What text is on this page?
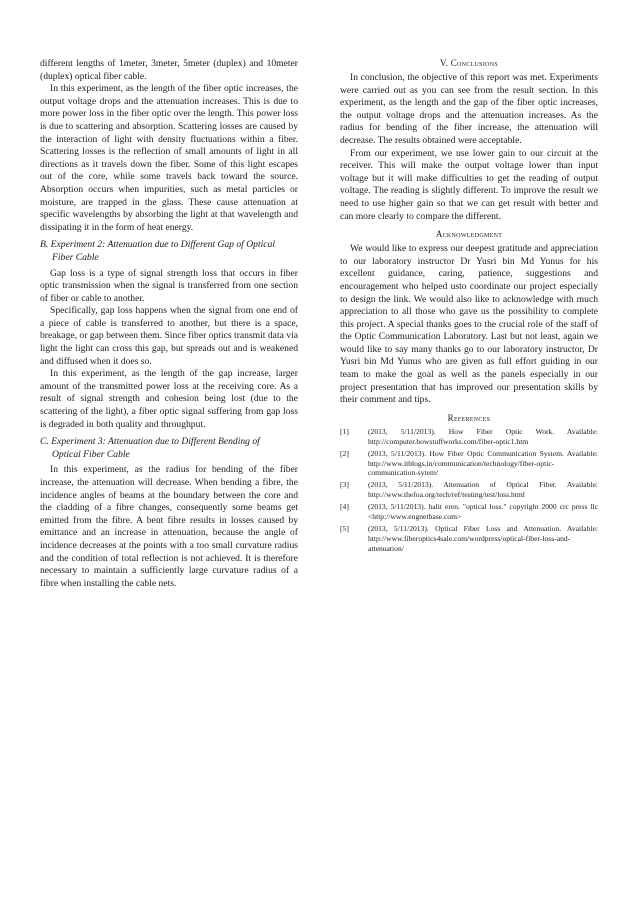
different lengths of 1meter, 3meter, 5meter (duplex) and 10meter (duplex) optical fiber cable.

In this experiment, as the length of the fiber optic increases, the output voltage drops and the attenuation increases. This is due to more power loss in the fiber optic over the length. This power loss is due to scattering and absorption. Scattering losses are caused by the interaction of light with density fluctuations within a fiber. Scattering losses is the reflection of small amounts of light in all directions as it travels down the fiber. Some of this light escapes out of the core, while some travels back toward the source. Absorption occurs when impurities, such as metal particles or moisture, are trapped in the glass. These cause attenuation at specific wavelengths by absorbing the light at that wavelength and dissipating it in the form of heat energy.

B. Experiment 2: Attenuation due to Different Gap of Optical
Fiber Cable

Gap loss is a type of signal strength loss that occurs in fiber optic transmission when the signal is transferred from one section of fiber or cable to another.

Specifically, gap loss happens when the signal from one end of a piece of cable is transferred to another, but there is a space, breakage, or gap between them. Since fiber optics transmit data via light the light can cross this gap, but spreads out and is weakened and diffused when it does so.

In this experiment, as the length of the gap increase, larger amount of the transmitted power loss at the receiving core. As a result of signal strength and cohesion being lost (due to the scattering of the light), a fiber optic signal suffering from gap loss is degraded in both quality and throughput.

C. Experiment 3: Attenuation due to Different Bending of
Optical Fiber Cable

In this experiment, as the radius for bending of the fiber increase, the attenuation will decrease. When bending a fibre, the incidence angles of beams at the boundary between the core and the cladding of a fibre changes, consequently some beams get emitted from the fibre. A bent fibre results in losses caused by emittance and an increase in attenuation, because the angle of incidence decreases at the points with a too small curvature radius and the condition of total reflection is not achieved. It is therefore necessary to maintain a sufficiently large curvature radius of a fibre when installing the cable nets.

V. Conclusions

In conclusion, the objective of this report was met. Experiments were carried out as you can see from the result section. In this experiment, as the length and the gap of the fiber optic increases, the output voltage drops and the attenuation increases. As the radius for bending of the fiber increase, the attenuation will decrease. The results obtained were acceptable.

From our experiment, we use lower gain to our circuit at the receiver. This will make the output voltage lower than input voltage but it will make difficulties to get the reading of output voltage. The reading is slightly different. To improve the result we need to use higher gain so that we can get result with better and can more clearly to compare the different.

Acknowledgment

We would like to express our deepest gratitude and appreciation to our laboratory instructor Dr Yusri bin Md Yunus for his excellent guidance, caring, patience, suggestions and encouragement who helped usto coordinate our project especially to design the link. We would also like to acknowledge with much appreciation to all those who gave us the possibility to complete this project. A special thanks goes to the crucial role of the staff of the Optic Communication Laboratory. Last but not least, again we would like to say many thanks go to our laboratory instructor, Dr Yusri bin Md Yunus who are given as full effort guiding in our team to make the goal as well as the panels especially in our project presentation that has improved our presentation skills by their comment and tips.

References
[1]	(2013, 5/11/2013). How Fiber Optic Work. Available: http://computer.howstuffworks.com/fiber-optic1.htm
[2]	(2013, 5/11/2013). How Fiber Optic Communication System. Available: http://www.itblogs.in/communication/technology/fiber-optic-communication-sytem/
[3]	(2013, 5/11/2013). Attenuation of Optical Fiber. Available: http://www.thefoa.org/tech/ref/testing/test/loss.html
[4]	(2013, 5/11/2013). halit eren. "optical loss." copyright 2000 crc press llc <http://www.engnetbase.com>
[5]	(2013, 5/11/2013). Optical Fiber Loss and Attenuation. Available: http://www.fiberoptics4sale.com/wordpress/optical-fiber-loss-and-attenuation/
